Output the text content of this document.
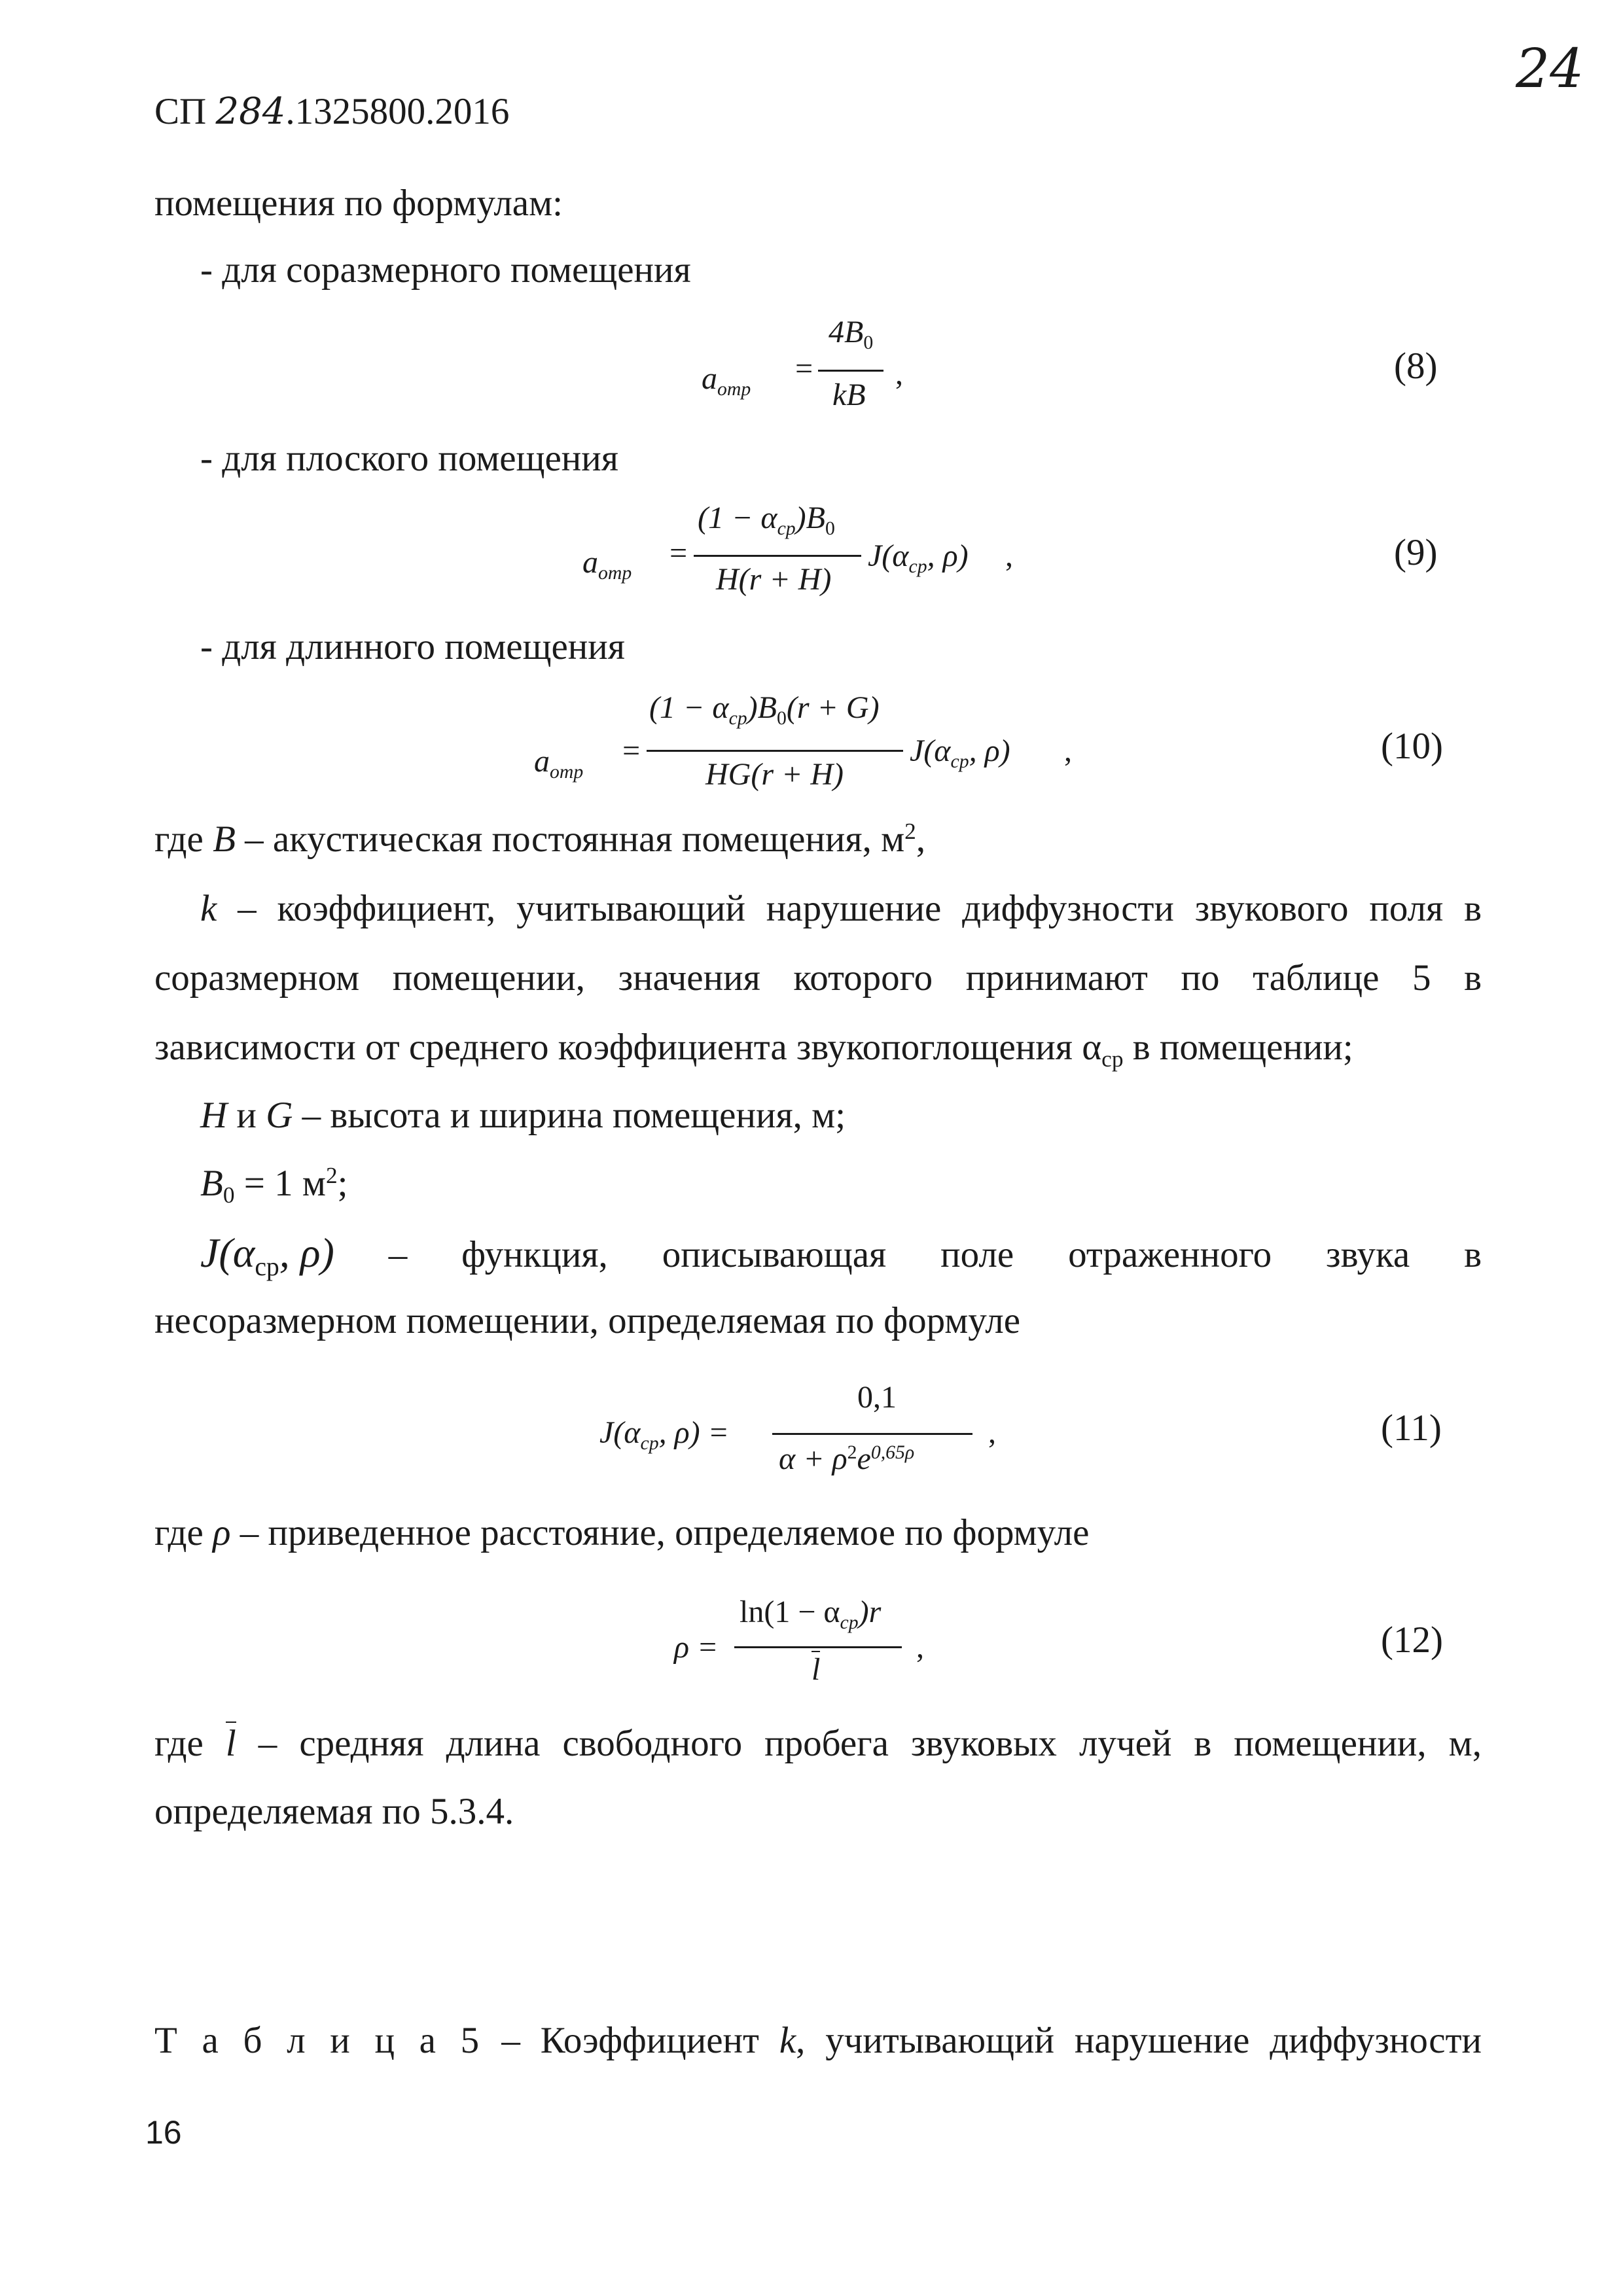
СП 284.1325800.2016
24
помещения по формулам:
- для соразмерного помещения
aотр
=
4B0
kB
,	(8)
- для плоского помещения
aотр
=
(1 − αср)B0
H(r + H)
J(αср, ρ) ,	(9)
- для длинного помещения
aотр
=
(1 − αср)B0(r + G)
HG(r + H)
J(αср, ρ) ,	(10)
где B – акустическая постоянная помещения, $м^2$,
k – коэффициент, учитывающий нарушение диффузности звукового поля в
соразмерном помещении, значения которого принимают по таблице 5 в
зависимости от среднего коэффициента звукопоглощения αср в помещении;
H и G – высота и ширина помещения, м;
B0 = 1 $м^2$;
J(αср, ρ) – функция, описывающая поле отраженного звука в
несоразмерном помещении, определяемая по формуле
J(αср, ρ) =
0,1
$\alpha + \rho^2e^{0,65\rho}$
,	(11)
где ρ – приведенное расстояние, определяемое по формуле
ρ =
ln(1 − αср)r
l
,	(12)
где l – средняя длина свободного пробега звуковых лучей в помещении, м,
определяемая по 5.3.4.
Т а б л и ц а 5 – Коэффициент k, учитывающий нарушение диффузности
16
